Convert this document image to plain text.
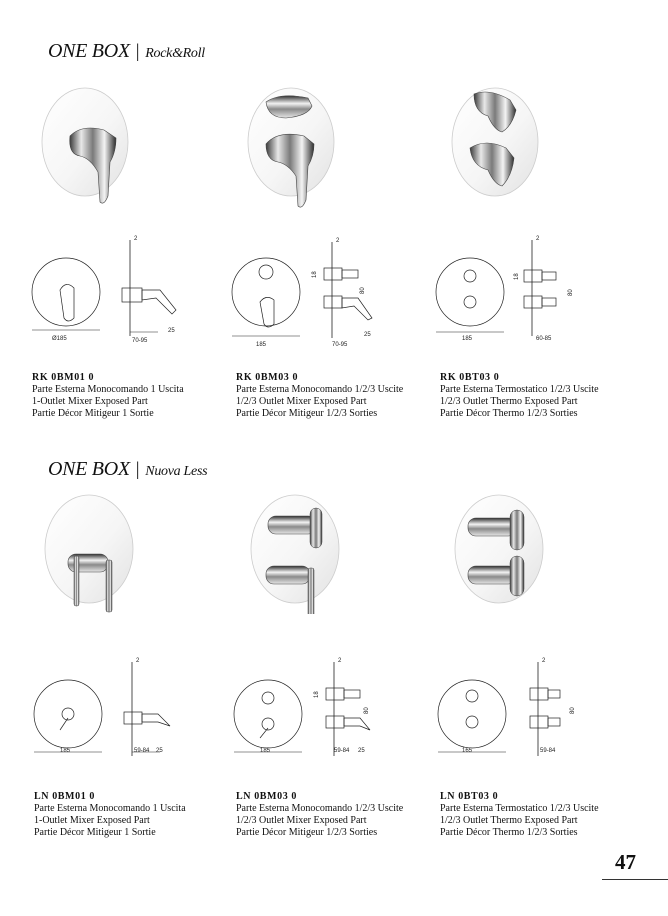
ONE BOX | Rock&Roll
Ø185	70-95
25
2
RK 0BM01 0
Parte Esterna Monocomando 1 Uscita
1-Outlet Mixer Exposed Part
Partie Décor Mitigeur 1 Sortie
185
80
18
70-95
25
2
RK 0BM03 0
Parte Esterna Monocomando 1/2/3 Uscite
1/2/3 Outlet Mixer Exposed Part
Partie Décor Mitigeur 1/2/3 Sorties
185
80
18
60-85
2
RK 0BT03 0
Parte Esterna Termostatico 1/2/3 Uscite
1/2/3 Outlet Thermo Exposed Part
Partie Décor Thermo 1/2/3 Sorties
ONE BOX | Nuova Less
185	59-84 25
2
LN 0BM01 0
Parte Esterna Monocomando 1 Uscita
1-Outlet Mixer Exposed Part
Partie Décor Mitigeur 1 Sortie
185
80
18
59-84 25
2
LN 0BM03 0
Parte Esterna Monocomando 1/2/3 Uscite
1/2/3 Outlet Mixer Exposed Part
Partie Décor Mitigeur 1/2/3 Sorties
165
80
59-84
2
LN 0BT03 0
Parte Esterna Termostatico 1/2/3 Uscite
1/2/3 Outlet Thermo Exposed Part
Partie Décor Thermo 1/2/3 Sorties
47
